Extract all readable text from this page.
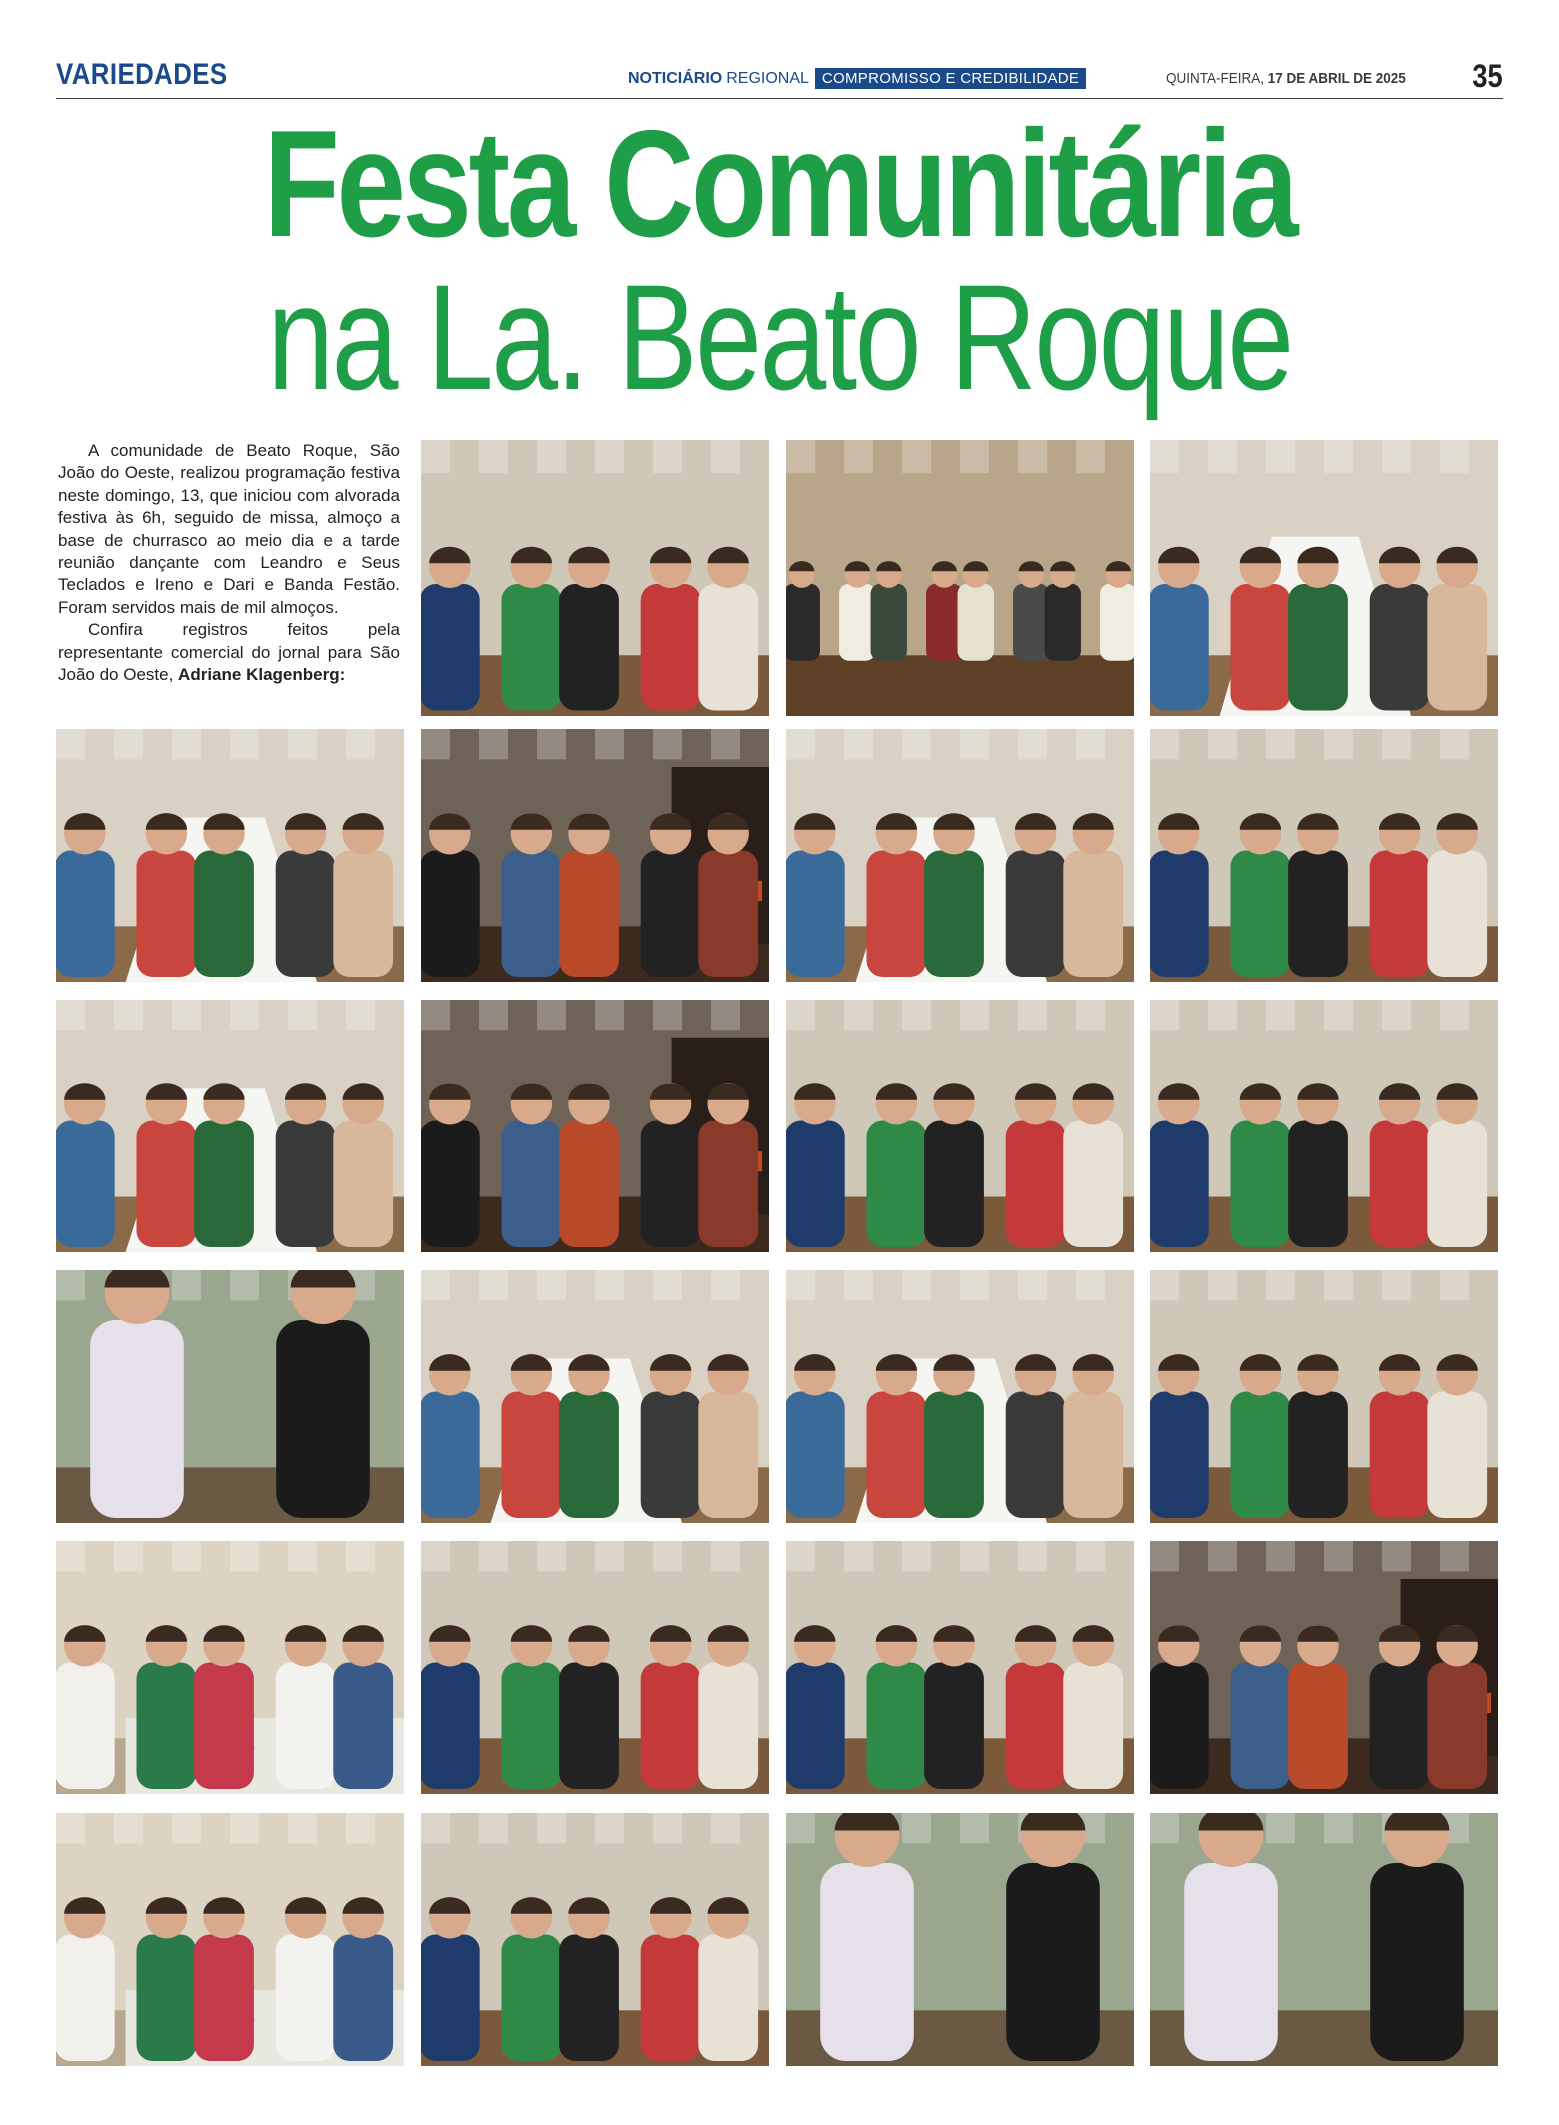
VARIEDADES	NOTICIÁRIO REGIONAL COMPROMISSO E CREDIBILIDADE	QUINTA-FEIRA, 17 DE ABRIL DE 2025 35
Festa Comunitária
na La. Beato Roque

A comunidade de Beato Roque, São João do Oeste, realizou programação festiva neste domingo, 13, que iniciou com alvorada festiva às 6h, seguido de missa, almoço a base de churrasco ao meio dia e a tarde reunião dançante com Leandro e Seus Teclados e Ireno e Dari e Banda Festão. Foram servidos mais de mil almoços.

Confira registros feitos pela representante comercial do jornal para São João do Oeste, Adriane Klagenberg:
